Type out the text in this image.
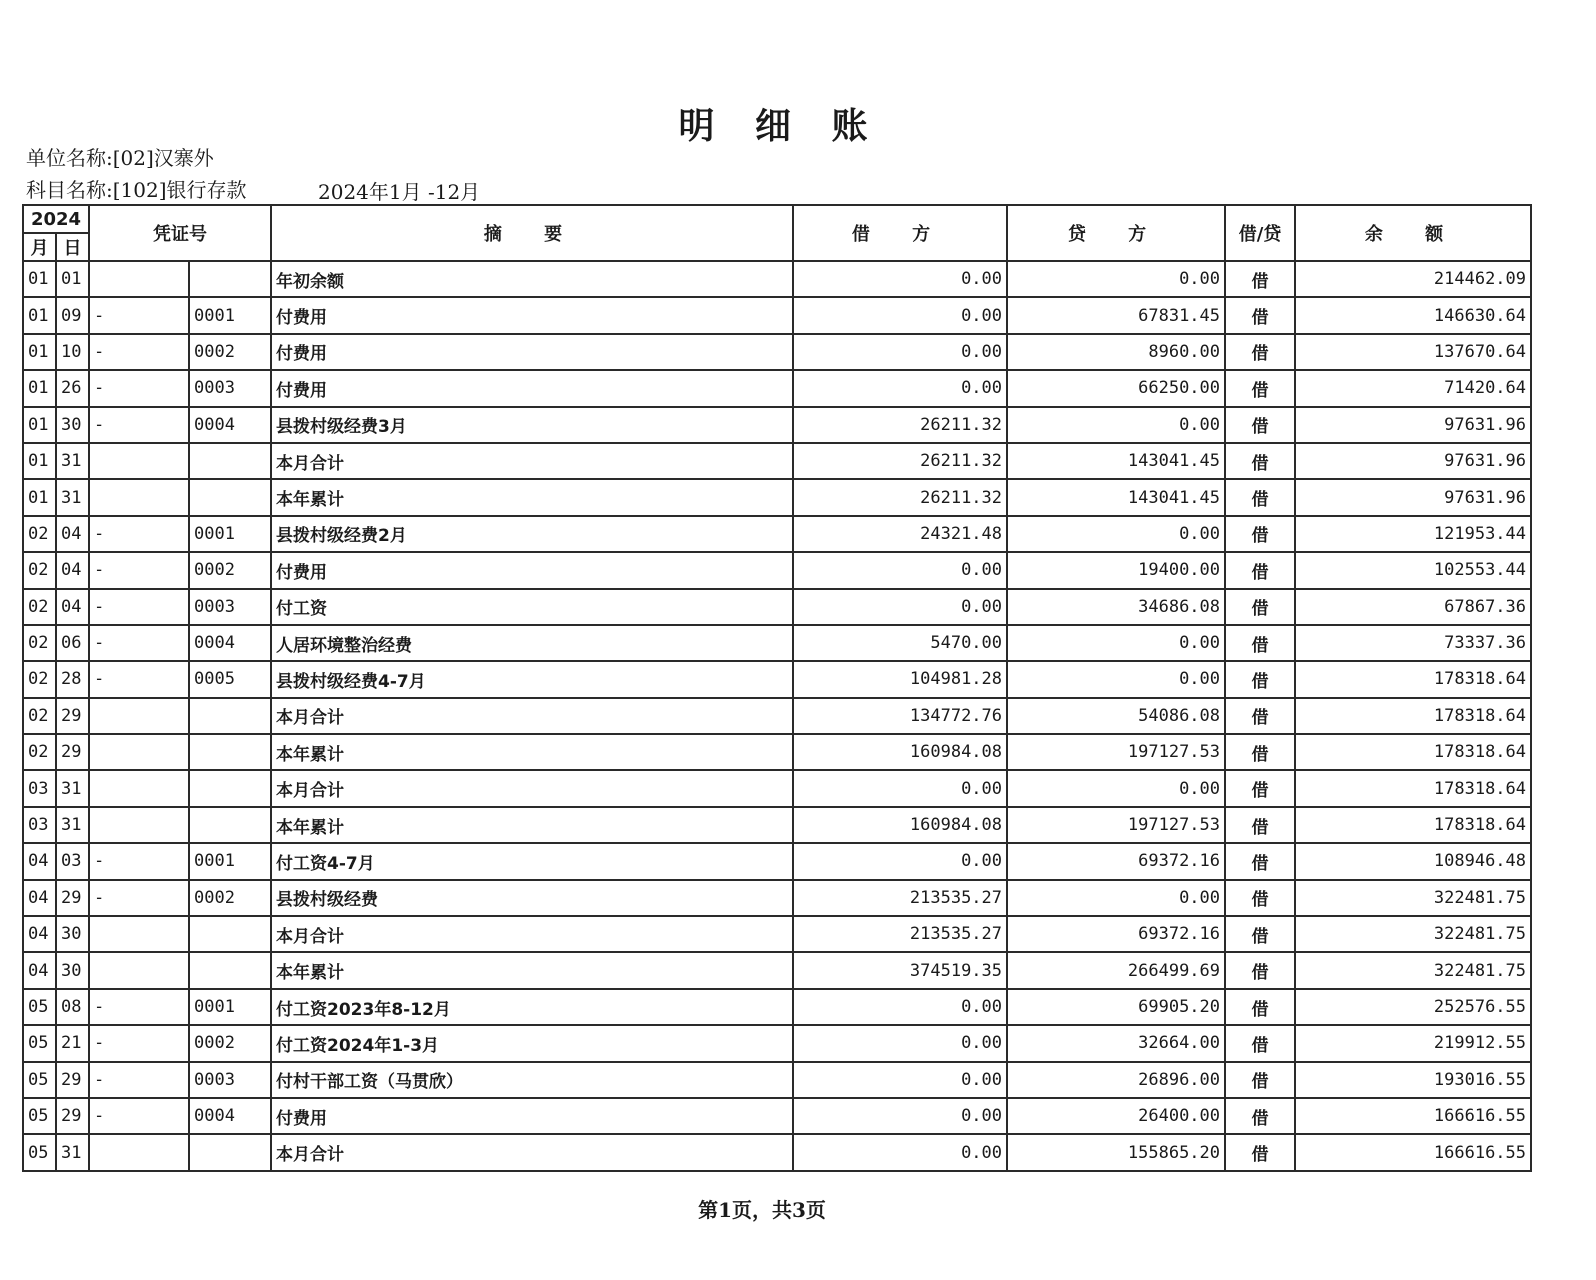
明 细 账
单位名称:[02]汉寨外
科目名称:[102]银行存款	2024年1月 -12月
2024		凭证号		摘 要	借 方	贷 方	借/贷	余 额
月	日							
01	01			年初余额	0.00	0.00	借	214462.09
01	09	-	0001	付费用	0.00	67831.45	借	146630.64
01	10	-	0002	付费用	0.00	8960.00	借	137670.64
01	26	-	0003	付费用	0.00	66250.00	借	71420.64
01	30	-	0004	县拨村级经费3月	26211.32	0.00	借	97631.96
01	31			本月合计	26211.32	143041.45	借	97631.96
01	31			本年累计	26211.32	143041.45	借	97631.96
02	04	-	0001	县拨村级经费2月	24321.48	0.00	借	121953.44
02	04	-	0002	付费用	0.00	19400.00	借	102553.44
02	04	-	0003	付工资	0.00	34686.08	借	67867.36
02	06	-	0004	人居环境整治经费	5470.00	0.00	借	73337.36
02	28	-	0005	县拨村级经费4-7月	104981.28	0.00	借	178318.64
02	29			本月合计	134772.76	54086.08	借	178318.64
02	29			本年累计	160984.08	197127.53	借	178318.64
03	31			本月合计	0.00	0.00	借	178318.64
03	31			本年累计	160984.08	197127.53	借	178318.64
04	03	-	0001	付工资4-7月	0.00	69372.16	借	108946.48
04	29	-	0002	县拨村级经费	213535.27	0.00	借	322481.75
04	30			本月合计	213535.27	69372.16	借	322481.75
04	30			本年累计	374519.35	266499.69	借	322481.75
05	08	-	0001	付工资2023年8-12月	0.00	69905.20	借	252576.55
05	21	-	0002	付工资2024年1-3月	0.00	32664.00	借	219912.55
05	29	-	0003	付村干部工资（马贯欣）	0.00	26896.00	借	193016.55
05	29	-	0004	付费用	0.00	26400.00	借	166616.55
05	31			本月合计	0.00	155865.20	借	166616.55
第1页，共3页
